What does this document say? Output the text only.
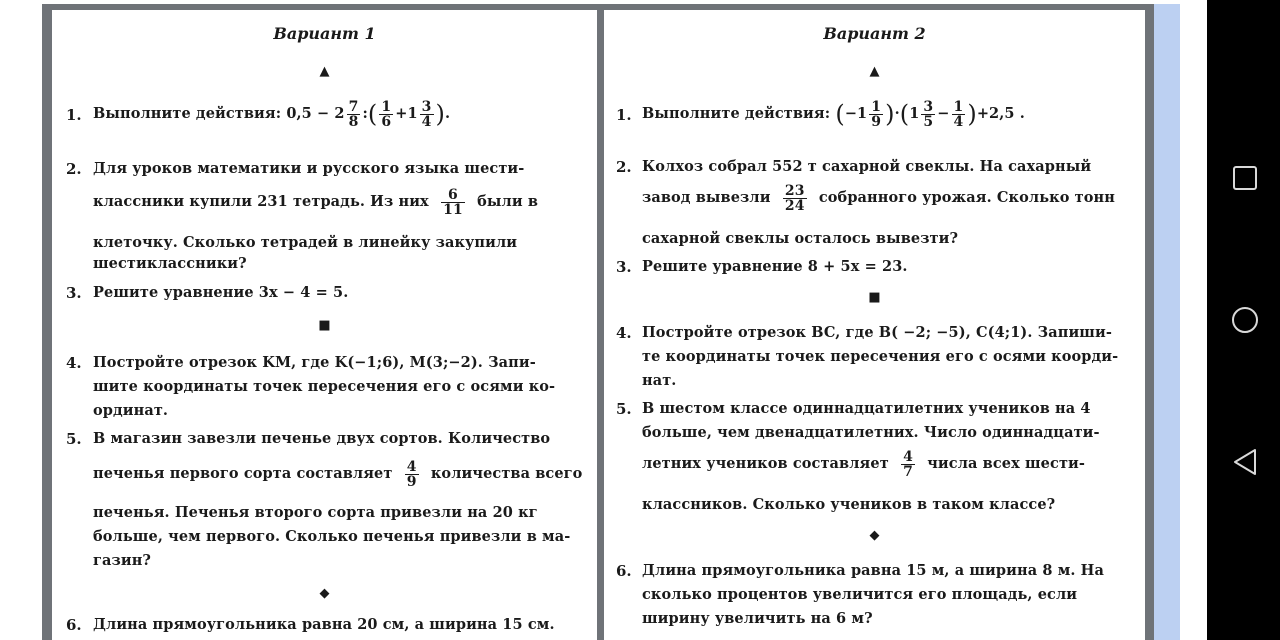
Вариант 1
▲
1. Выполните действия: $0,5 - 2 \frac{7}{8}$ :( $\frac{1}{6} +1 \frac{3}{4}$ ).
2. Для уроков математики и русского языка шести-
классники купили 231 тетрадь. Из них $\frac{6}{11}$ были в
клеточку. Сколько тетрадей в линейку закупили
шестиклассники?
3. Решите уравнение 3x − 4 = 5.
■
4. Постройте отрезок KM, где K(−1;6), M(3;−2). Запи-
шите координаты точек пересечения его с осями ко-
ординат.
5. В магазин завезли печенье двух сортов. Количество
печенья первого сорта составляет $\frac{4}{9}$ количества всего
печенья. Печенья второго сорта привезли на 20 кг
больше, чем первого. Сколько печенья привезли в ма-
газин?
◆
6. Длина прямоугольника равна 20 см, а ширина 15 см.
Вариант 2
▲
1. Выполните действия: $(-1 \frac{1}{9} )\cdot(1 \frac{3}{5} - \frac{1}{4} )+2,5$ .
2. Колхоз собрал 552 т сахарной свеклы. На сахарный
завод вывезли $\frac{23}{24}$ собранного урожая. Сколько тонн
сахарной свеклы осталось вывезти?
3. Решите уравнение 8 + 5x = 23.
■
4. Постройте отрезок BC, где B( −2; −5), C(4;1). Запиши-
те координаты точек пересечения его с осями коорди-
нат.
5. В шестом классе одиннадцатилетних учеников на 4
больше, чем двенадцатилетних. Число одиннадцати-
летних учеников составляет $\frac{4}{7}$ числа всех шести-
классников. Сколько учеников в таком классе?
◆
6. Длина прямоугольника равна 15 м, а ширина 8 м. На
сколько процентов увеличится его площадь, если
ширину увеличить на 6 м?
